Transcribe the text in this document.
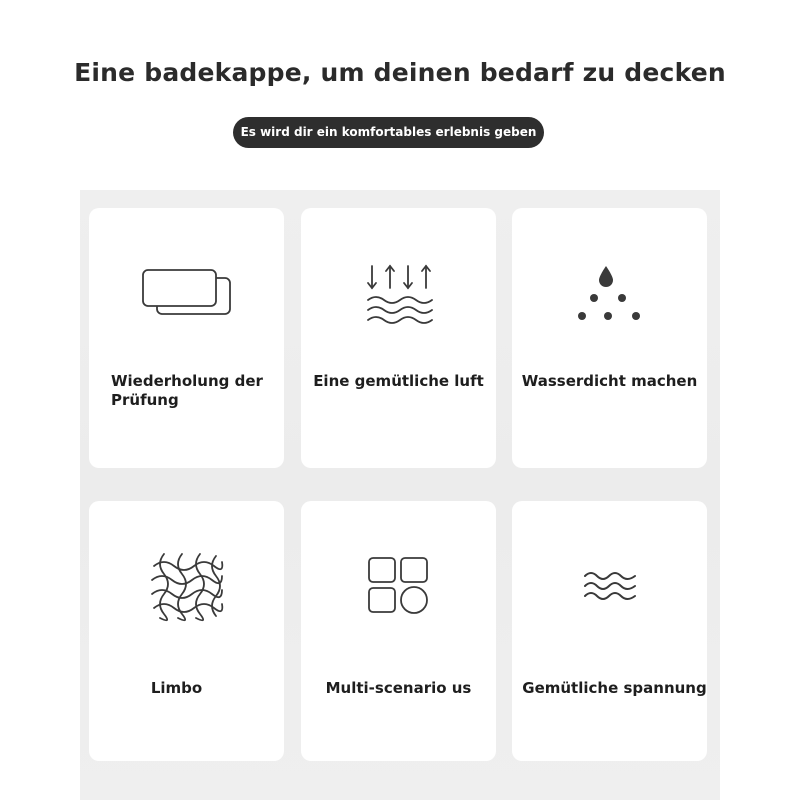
Eine badekappe, um deinen bedarf zu decken
Es wird dir ein komfortables erlebnis geben
Wiederholung der Prüfung
Eine gemütliche luft	Wasserdicht machen
Limbo	Multi-scenario us	Gemütliche spannung
